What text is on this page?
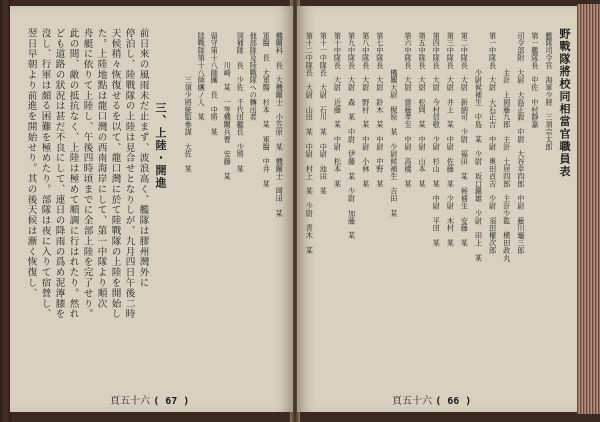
野戰隊將校同相當官職員表
艦隊司令官　海軍少將　三須宗太郎
第一艦隊長　中佐　中村靜嘉
司令部附　大尉　大島正毅　中尉　大谷幸四郎　中尉　藤川龜三郎
　　　　　主計　上岡藤九郎　主計　土居四郎　主計少監　横田政丸
第一中隊長　大尉　大石正吉　中尉　奧田貞吉　少尉　須田權次郎
　　　　　少尉候補生　中島　某　少尉　坂口鎭雄　少尉　田上　某
第二中隊長　大尉　新納司　少尉　福田　某　候補生　安藤　某
第三中隊長　大尉　井上　某　中尉　佐藤　某　少尉　木村　某
第四中隊長　大尉　今村信敬　少尉　杉山　某　中尉　平田　某
第五中隊長　大尉　松岡　某　中尉　山本　某
第六中隊長　大尉　齋藤孝至　中尉　高橋　某
　　　　　機關大尉　梶原　某　少尉候補生　吉田　某
第七中隊長　大尉　鈴木　某　中尉　中野　某
第八中隊長　大尉　野村　某　中尉　小林　某
第九中隊長　大尉　森　某　中尉　伊藤　某　少尉　加藤　某
第十中隊長　大尉　近藤　某　中尉　松本　某
第十一中隊長　大尉　石川　某　中尉　池田　某
第十二中隊長　大尉　山田　某　中尉　村上　某　少尉　青木　某
頁五十六 ( 66 )
機關科　長　大機關士　小笠原　某　機關士　岡田　某
軍醫　長　大軍醫　杉本　某　軍醫　中井　某
他部隊及陸戰隊への轉出者
別補隊　長　少佐　千代田艦長　少將　某
　　　　川崎　某　一等機關兵曹　安藤　某
留守第十八師團　長　中將　某
陸戰隊第十八師團ノ人　某
　　　　　　三須少將統監參謀　大佐　某
三、上陸・開進
前日來の風雨未だ止まず、波浪高く、艦隊は膠州灣外に
停泊し、陸戰隊の上陸は見合せとなりしが、九月四日午後二時
天候稍々恢復せるを以て、龍口灣に於て陸戰隊の上陸を開始し
た。上陸地點は龍口灣の西南海岸にして、第一中隊より順次
舟艇に依りて上陸し、午後四時頃までに全部上陸を完了せり。
此の間、敵の抵抗なく、上陸は極めて順調に行はれたり。然れ
ども道路の狀況は甚だ不良にして、連日の降雨の爲め泥濘膝を
沒し、行軍は頗る困難を極めたり。部隊は夜に入りて宿營し、
翌日早朝より前進を開始せり。其の後天候は漸く恢復し、
頁五十六 ( 67 )
